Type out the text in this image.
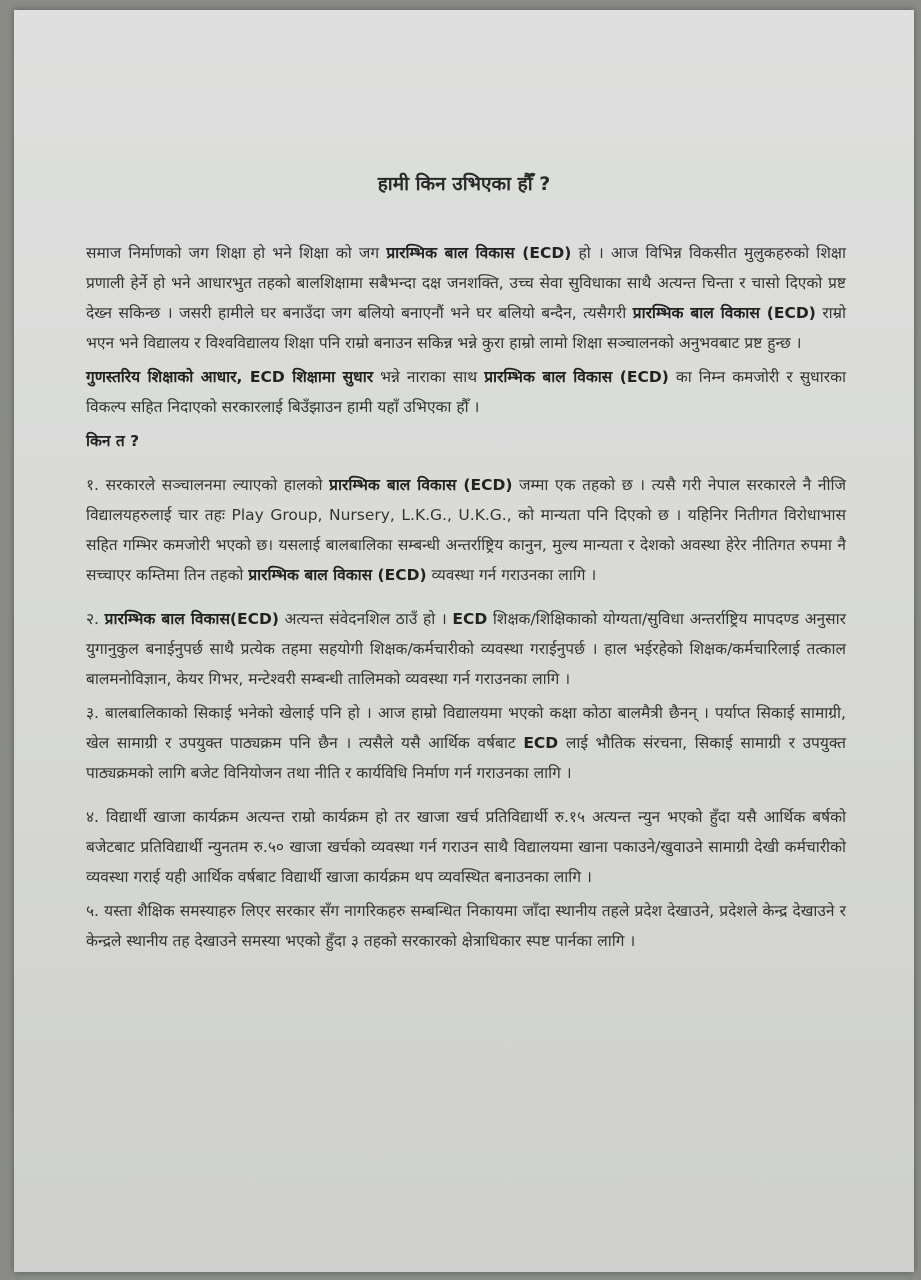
हामी किन उभिएका हौँ ?

समाज निर्माणको जग शिक्षा हो भने शिक्षा को जग प्रारम्भिक बाल विकास (ECD) हो । आज विभिन्न विकसीत मुलुकहरुको शिक्षा प्रणाली हेर्ने हो भने आधारभुत तहको बालशिक्षामा सबैभन्दा दक्ष जनशक्ति, उच्च सेवा सुविधाका साथै अत्यन्त चिन्ता र चासो दिएको प्रष्ट देख्न सकिन्छ । जसरी हामीले घर बनाउँदा जग बलियो बनाएनौं भने घर बलियो बन्दैन, त्यसैगरी प्रारम्भिक बाल विकास (ECD) राम्रो भएन भने विद्यालय र विश्वविद्यालय शिक्षा पनि राम्रो बनाउन सकिन्न भन्ने कुरा हाम्रो लामो शिक्षा सञ्चालनको अनुभवबाट प्रष्ट हुन्छ ।

गुणस्तरिय शिक्षाको आधार, ECD शिक्षामा सुधार भन्ने नाराका साथ प्रारम्भिक बाल विकास (ECD) का निम्न कमजोरी र सुधारका विकल्प सहित निदाएको सरकारलाई बिउँझाउन हामी यहाँ उभिएका हौँ ।

किन त ?

१. सरकारले सञ्चालनमा ल्याएको हालको प्रारम्भिक बाल विकास (ECD) जम्मा एक तहको छ । त्यसै गरी नेपाल सरकारले नै नीजि विद्यालयहरुलाई चार तहः Play Group, Nursery, L.K.G., U.K.G., को मान्यता पनि दिएको छ । यहिनिर नितीगत विरोधाभास सहित गम्भिर कमजोरी भएको छ। यसलाई बालबालिका सम्बन्धी अन्तर्राष्ट्रिय कानुन, मुल्य मान्यता र देशको अवस्था हेरेर नीतिगत रुपमा नै सच्चाएर कम्तिमा तिन तहको प्रारम्भिक बाल विकास (ECD) व्यवस्था गर्न गराउनका लागि ।

२. प्रारम्भिक बाल विकास(ECD) अत्यन्त संवेदनशिल ठाउँ हो । ECD शिक्षक/शिक्षिकाको योग्यता/सुविधा अन्तर्राष्ट्रिय मापदण्ड अनुसार युगानुकुल बनाईनुपर्छ साथै प्रत्येक तहमा सहयोगी शिक्षक/कर्मचारीको व्यवस्था गराईनुपर्छ । हाल भईरहेको शिक्षक/कर्मचारिलाई तत्काल बालमनोविज्ञान, केयर गिभर, मन्टेश्वरी सम्बन्धी तालिमको व्यवस्था गर्न गराउनका लागि ।

३. बालबालिकाको सिकाई भनेको खेलाई पनि हो । आज हाम्रो विद्यालयमा भएको कक्षा कोठा बालमैत्री छैनन् । पर्याप्त सिकाई सामाग्री, खेल सामाग्री र उपयुक्त पाठ्यक्रम पनि छैन । त्यसैले यसै आर्थिक वर्षबाट ECD लाई भौतिक संरचना, सिकाई सामाग्री र उपयुक्त पाठ्यक्रमको लागि बजेट विनियोजन तथा नीति र कार्यविधि निर्माण गर्न गराउनका लागि ।

४. विद्यार्थी खाजा कार्यक्रम अत्यन्त राम्रो कार्यक्रम हो तर खाजा खर्च प्रतिविद्यार्थी रु.१५ अत्यन्त न्युन भएको हुँदा यसै आर्थिक बर्षको बजेटबाट प्रतिविद्यार्थी न्युनतम रु.५० खाजा खर्चको व्यवस्था गर्न गराउन साथै विद्यालयमा खाना पकाउने/खुवाउने सामाग्री देखी कर्मचारीको व्यवस्था गराई यही आर्थिक वर्षबाट विद्यार्थी खाजा कार्यक्रम थप व्यवस्थित बनाउनका लागि ।

५. यस्ता शैक्षिक समस्याहरु लिएर सरकार सँग नागरिकहरु सम्बन्धित निकायमा जाँदा स्थानीय तहले प्रदेश देखाउने, प्रदेशले केन्द्र देखाउने र केन्द्रले स्थानीय तह देखाउने समस्या भएको हुँदा ३ तहको सरकारको क्षेत्राधिकार स्पष्ट पार्नका लागि ।
